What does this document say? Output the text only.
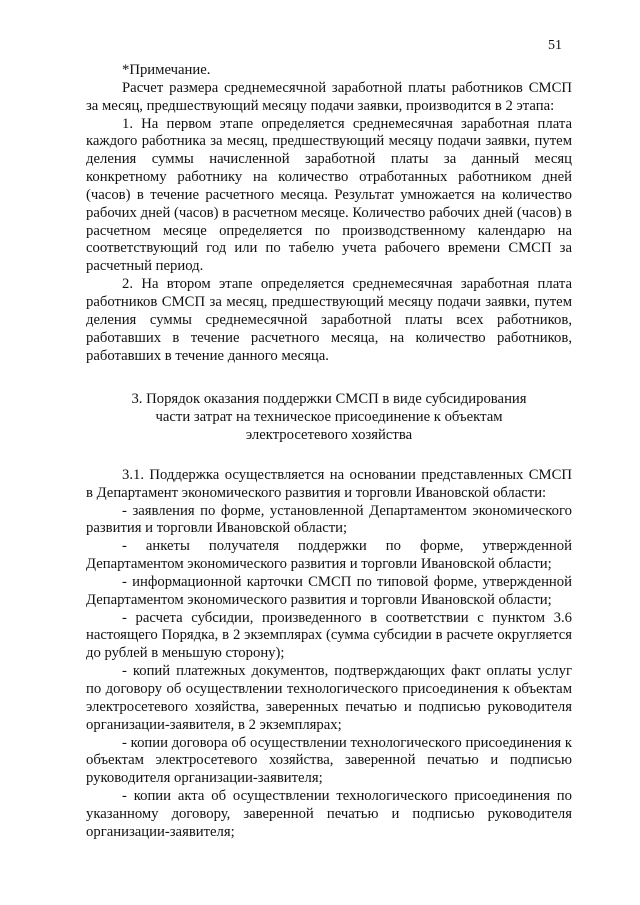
51

*Примечание.

Расчет размера среднемесячной заработной платы работников СМСП за месяц, предшествующий месяцу подачи заявки, производится в 2 этапа:

1. На первом этапе определяется среднемесячная заработная плата каждого работника за месяц, предшествующий месяцу подачи заявки, путем деления суммы начисленной заработной платы за данный месяц конкретному работнику на количество отработанных работником дней (часов) в течение расчетного месяца. Результат умножается на количество рабочих дней (часов) в расчетном месяце. Количество рабочих дней (часов) в расчетном месяце определяется по производственному календарю на соответствующий год или по табелю учета рабочего времени СМСП за расчетный период.

2. На втором этапе определяется среднемесячная заработная плата работников СМСП за месяц, предшествующий месяцу подачи заявки, путем деления суммы среднемесячной заработной платы всех работников, работавших в течение расчетного месяца, на количество работников, работавших в течение данного месяца.

3. Порядок оказания поддержки СМСП в виде субсидирования
части затрат на техническое присоединение к объектам
электросетевого хозяйства

3.1. Поддержка осуществляется на основании представленных СМСП в Департамент экономического развития и торговли Ивановской области:

- заявления по форме, установленной Департаментом экономического развития и торговли Ивановской области;

- анкеты получателя поддержки по форме, утвержденной Департаментом экономического развития и торговли Ивановской области;

- информационной карточки СМСП по типовой форме, утвержденной Департаментом экономического развития и торговли Ивановской области;

- расчета субсидии, произведенного в соответствии с пунктом 3.6 настоящего Порядка, в 2 экземплярах (сумма субсидии в расчете округляется до рублей в меньшую сторону);

- копий платежных документов, подтверждающих факт оплаты услуг по договору об осуществлении технологического присоединения к объектам электросетевого хозяйства, заверенных печатью и подписью руководителя организации-заявителя, в 2 экземплярах;

- копии договора об осуществлении технологического присоединения к объектам электросетевого хозяйства, заверенной печатью и подписью руководителя организации-заявителя;

- копии акта об осуществлении технологического присоединения по указанному договору, заверенной печатью и подписью руководителя организации-заявителя;
